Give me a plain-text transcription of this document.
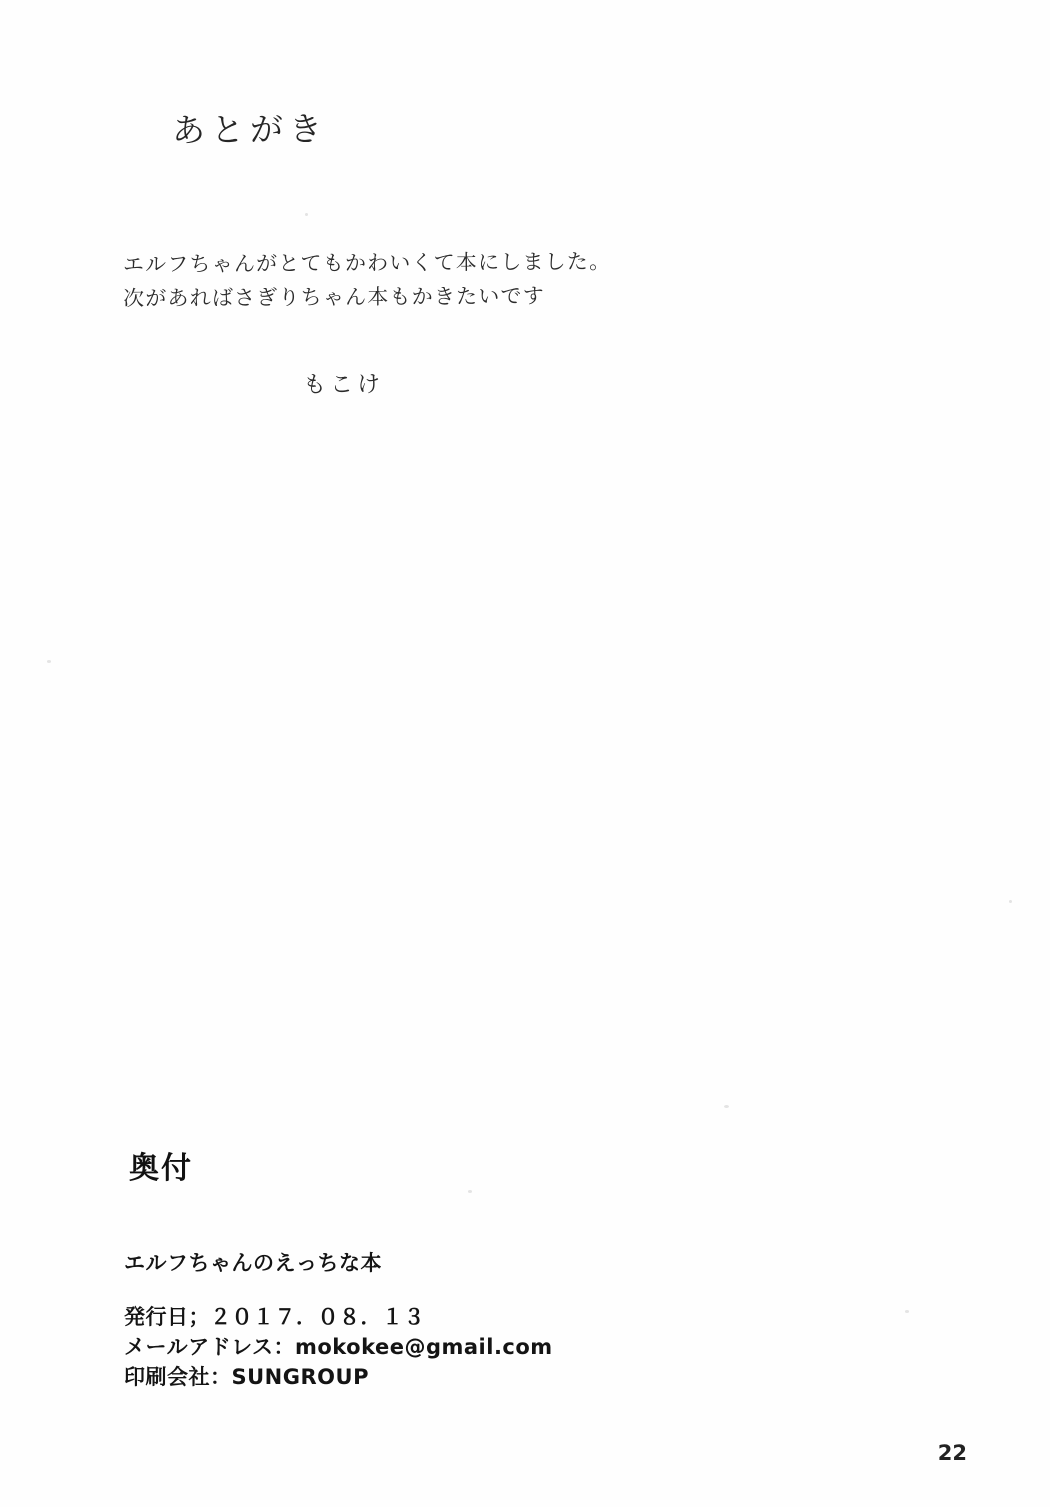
あとがき
エルフちゃんがとてもかわいくて本にしました。
次があればさぎりちゃん本もかきたいです
もこけ
奥付
エルフちゃんのえっちな本
発行日；２０１７．０８．１３
メールアドレス：mokokee@gmail.com
印刷会社：SUNGROUP
22
